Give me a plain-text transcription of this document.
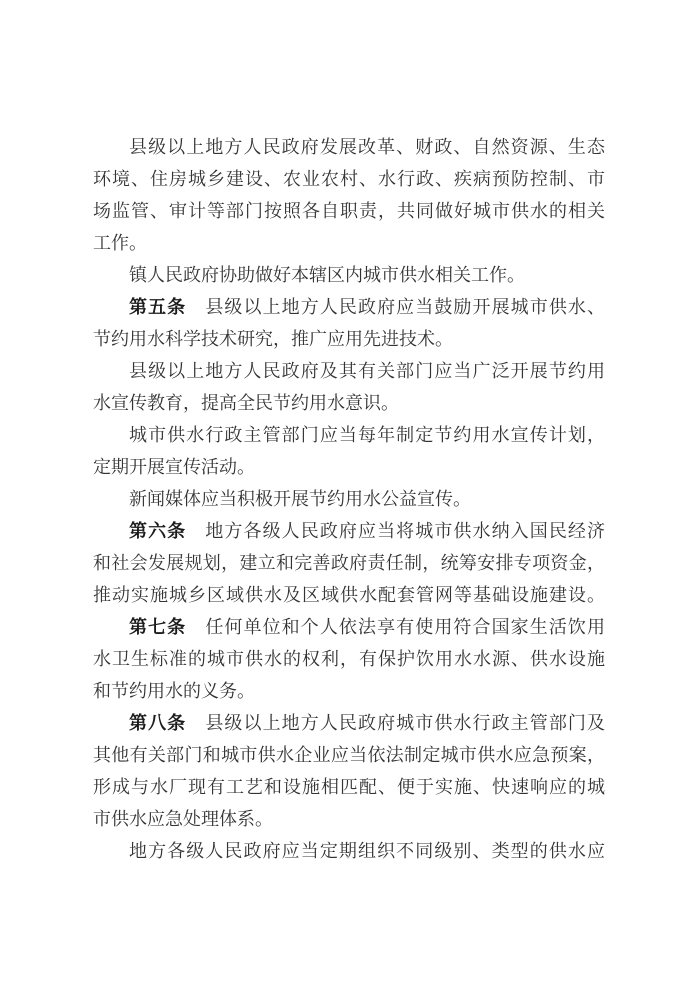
县级以上地方人民政府发展改革、财政、自然资源、生态
环境、住房城乡建设、农业农村、水行政、疾病预防控制、市
场监管、审计等部门按照各自职责，共同做好城市供水的相关
工作。
镇人民政府协助做好本辖区内城市供水相关工作。
第五条　县级以上地方人民政府应当鼓励开展城市供水、
节约用水科学技术研究，推广应用先进技术。
县级以上地方人民政府及其有关部门应当广泛开展节约用
水宣传教育，提高全民节约用水意识。
城市供水行政主管部门应当每年制定节约用水宣传计划，
定期开展宣传活动。
新闻媒体应当积极开展节约用水公益宣传。
第六条　地方各级人民政府应当将城市供水纳入国民经济
和社会发展规划，建立和完善政府责任制，统筹安排专项资金，
推动实施城乡区域供水及区域供水配套管网等基础设施建设。
第七条　任何单位和个人依法享有使用符合国家生活饮用
水卫生标准的城市供水的权利，有保护饮用水水源、供水设施
和节约用水的义务。
第八条　县级以上地方人民政府城市供水行政主管部门及
其他有关部门和城市供水企业应当依法制定城市供水应急预案，
形成与水厂现有工艺和设施相匹配、便于实施、快速响应的城
市供水应急处理体系。
地方各级人民政府应当定期组织不同级别、类型的供水应
